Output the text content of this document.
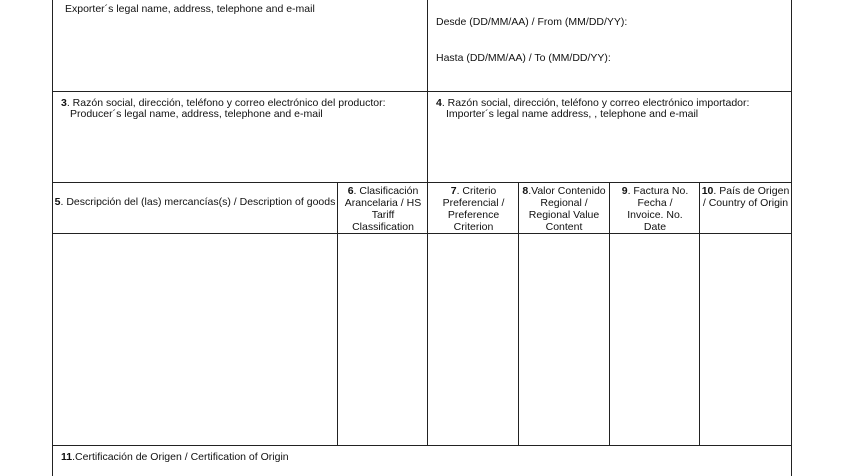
Exporter´s legal name, address, telephone and e-mail
Desde (DD/MM/AA) / From (MM/DD/YY):
Hasta (DD/MM/AA) / To (MM/DD/YY):
3. Razón social, dirección, teléfono y correo electrónico del productor:
Producer´s legal name, address, telephone and e-mail
4. Razón social, dirección, teléfono y correo electrónico importador:
Importer´s legal name address, , telephone and e-mail
5. Descripción del (las) mercancías(s) / Description of goods
6. Clasificación Arancelaria / HS Tariff Classification
7. Criterio Preferencial / Preference Criterion
8.Valor Contenido Regional / Regional Value Content
9. Factura No. Fecha / Invoice. No. Date
10. País de Origen / Country of Origin
11.Certificación de Origen / Certification of Origin
